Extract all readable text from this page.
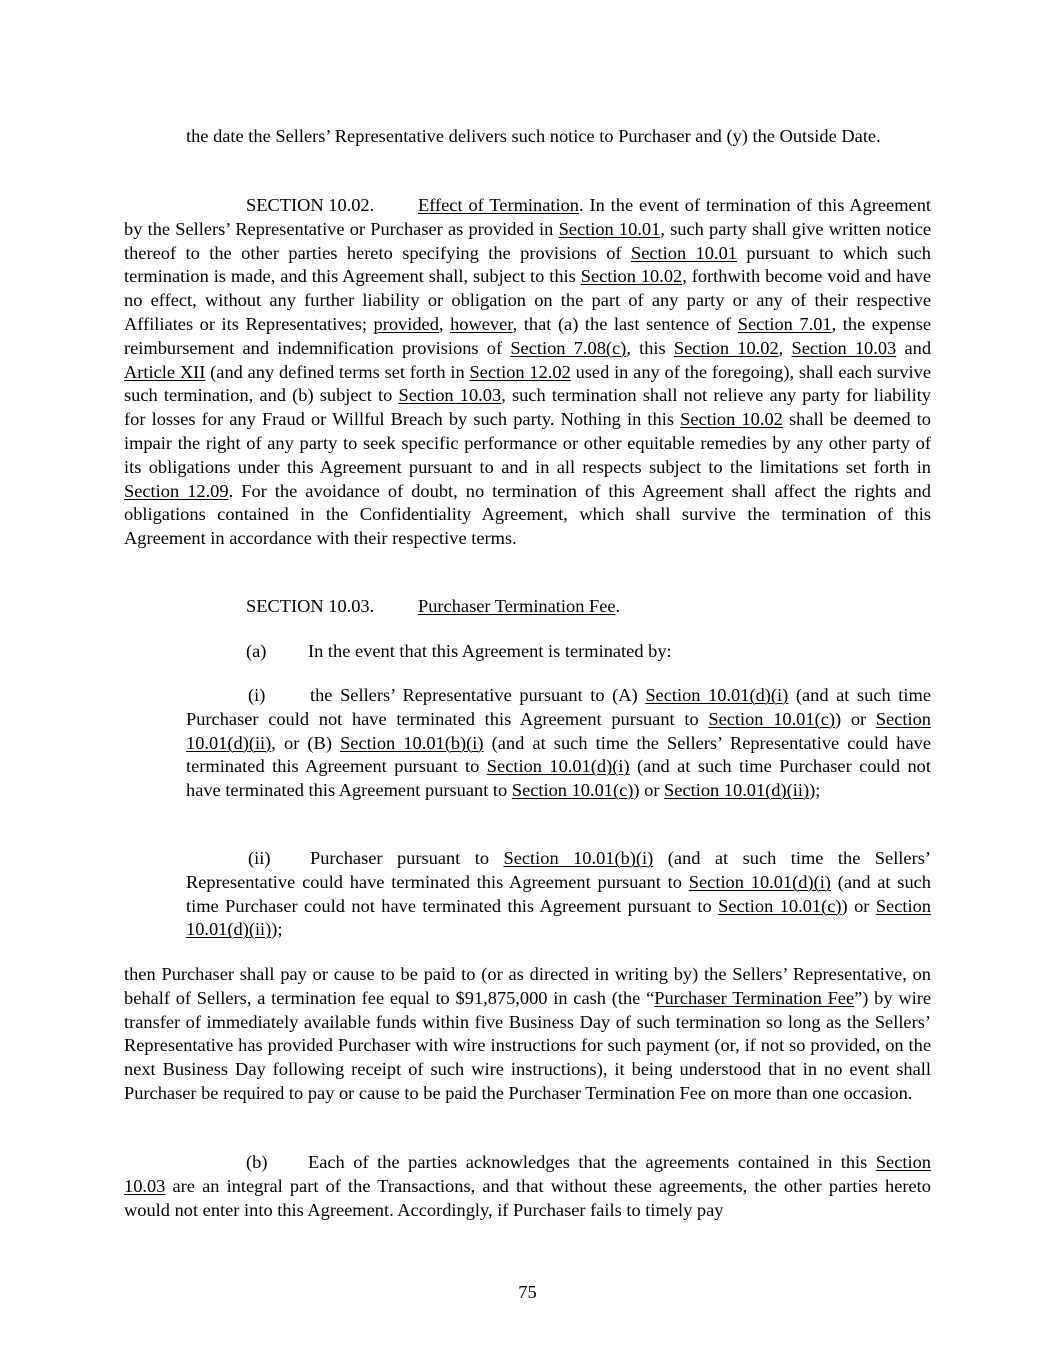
the date the Sellers’ Representative delivers such notice to Purchaser and (y) the Outside Date.

SECTION 10.02. Effect of Termination. In the event of termination of this Agreement by the Sellers’ Representative or Purchaser as provided in Section 10.01, such party shall give written notice thereof to the other parties hereto specifying the provisions of Section 10.01 pursuant to which such termination is made, and this Agreement shall, subject to this Section 10.02, forthwith become void and have no effect, without any further liability or obligation on the part of any party or any of their respective Affiliates or its Representatives; provided, however, that (a) the last sentence of Section 7.01, the expense reimbursement and indemnification provisions of Section 7.08(c), this Section 10.02, Section 10.03 and Article XII (and any defined terms set forth in Section 12.02 used in any of the foregoing), shall each survive such termination, and (b) subject to Section 10.03, such termination shall not relieve any party for liability for losses for any Fraud or Willful Breach by such party. Nothing in this Section 10.02 shall be deemed to impair the right of any party to seek specific performance or other equitable remedies by any other party of its obligations under this Agreement pursuant to and in all respects subject to the limitations set forth in Section 12.09. For the avoidance of doubt, no termination of this Agreement shall affect the rights and obligations contained in the Confidentiality Agreement, which shall survive the termination of this Agreement in accordance with their respective terms.

SECTION 10.03. Purchaser Termination Fee.

(a) In the event that this Agreement is terminated by:

(i) the Sellers’ Representative pursuant to (A) Section 10.01(d)(i) (and at such time Purchaser could not have terminated this Agreement pursuant to Section 10.01(c)) or Section 10.01(d)(ii), or (B) Section 10.01(b)(i) (and at such time the Sellers’ Representative could have terminated this Agreement pursuant to Section 10.01(d)(i) (and at such time Purchaser could not have terminated this Agreement pursuant to Section 10.01(c)) or Section 10.01(d)(ii));

(ii) Purchaser pursuant to Section 10.01(b)(i) (and at such time the Sellers’ Representative could have terminated this Agreement pursuant to Section 10.01(d)(i) (and at such time Purchaser could not have terminated this Agreement pursuant to Section 10.01(c)) or Section 10.01(d)(ii));

then Purchaser shall pay or cause to be paid to (or as directed in writing by) the Sellers’ Representative, on behalf of Sellers, a termination fee equal to $91,875,000 in cash (the “Purchaser Termination Fee”) by wire transfer of immediately available funds within five Business Day of such termination so long as the Sellers’ Representative has provided Purchaser with wire instructions for such payment (or, if not so provided, on the next Business Day following receipt of such wire instructions), it being understood that in no event shall Purchaser be required to pay or cause to be paid the Purchaser Termination Fee on more than one occasion.

(b) Each of the parties acknowledges that the agreements contained in this Section 10.03 are an integral part of the Transactions, and that without these agreements, the other parties hereto would not enter into this Agreement. Accordingly, if Purchaser fails to timely pay

75
